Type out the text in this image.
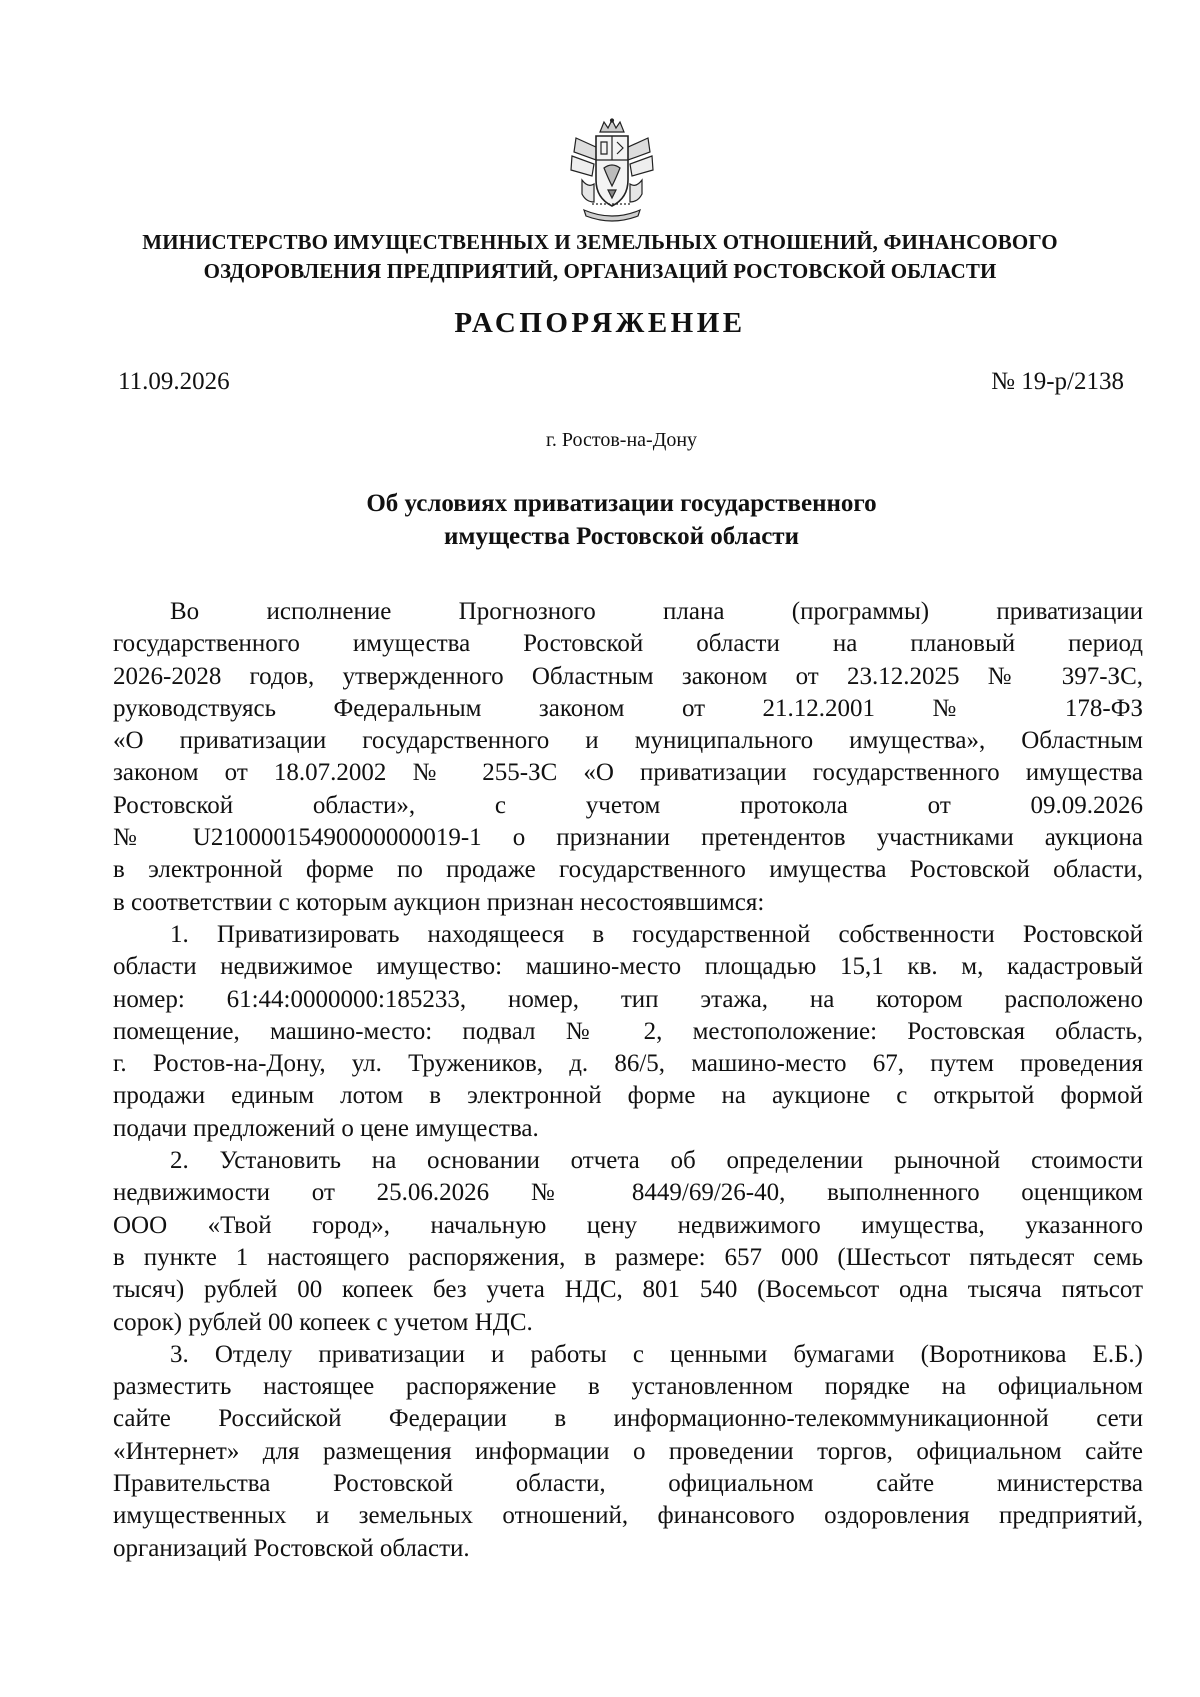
МИНИСТЕРСТВО ИМУЩЕСТВЕННЫХ И ЗЕМЕЛЬНЫХ ОТНОШЕНИЙ, ФИНАНСОВОГО
ОЗДОРОВЛЕНИЯ ПРЕДПРИЯТИЙ, ОРГАНИЗАЦИЙ РОСТОВСКОЙ ОБЛАСТИ
РАСПОРЯЖЕНИЕ
11.09.2026	№ 19-р/2138
г. Ростов-на-Дону
Об условиях приватизации государственного
имущества Ростовской области
Во исполнение Прогнозного плана (программы) приватизации
государственного имущества Ростовской области на плановый период
2026-2028 годов, утвержденного Областным законом от 23.12.2025 № 397-ЗС,
руководствуясь Федеральным законом от 21.12.2001 № 178-ФЗ
«О приватизации государственного и муниципального имущества», Областным
законом от 18.07.2002 № 255-ЗС «О приватизации государственного имущества
Ростовской области», с учетом протокола от 09.09.2026
№ U21000015490000000019-1 о признании претендентов участниками аукциона
в электронной форме по продаже государственного имущества Ростовской области,
в соответствии с которым аукцион признан несостоявшимся:
1. Приватизировать находящееся в государственной собственности Ростовской
области недвижимое имущество: машино-место площадью 15,1 кв. м, кадастровый
номер: 61:44:0000000:185233, номер, тип этажа, на котором расположено
помещение, машино-место: подвал № 2, местоположение: Ростовская область,
г. Ростов-на-Дону, ул. Тружеников, д. 86/5, машино-место 67, путем проведения
продажи единым лотом в электронной форме на аукционе с открытой формой
подачи предложений о цене имущества.
2. Установить на основании отчета об определении рыночной стоимости
недвижимости от 25.06.2026 № 8449/69/26-40, выполненного оценщиком
ООО «Твой город», начальную цену недвижимого имущества, указанного
в пункте 1 настоящего распоряжения, в размере: 657 000 (Шестьсот пятьдесят семь
тысяч) рублей 00 копеек без учета НДС, 801 540 (Восемьсот одна тысяча пятьсот
сорок) рублей 00 копеек с учетом НДС.
3. Отделу приватизации и работы с ценными бумагами (Воротникова Е.Б.)
разместить настоящее распоряжение в установленном порядке на официальном
сайте Российской Федерации в информационно-телекоммуникационной сети
«Интернет» для размещения информации о проведении торгов, официальном сайте
Правительства Ростовской области, официальном сайте министерства
имущественных и земельных отношений, финансового оздоровления предприятий,
организаций Ростовской области.
